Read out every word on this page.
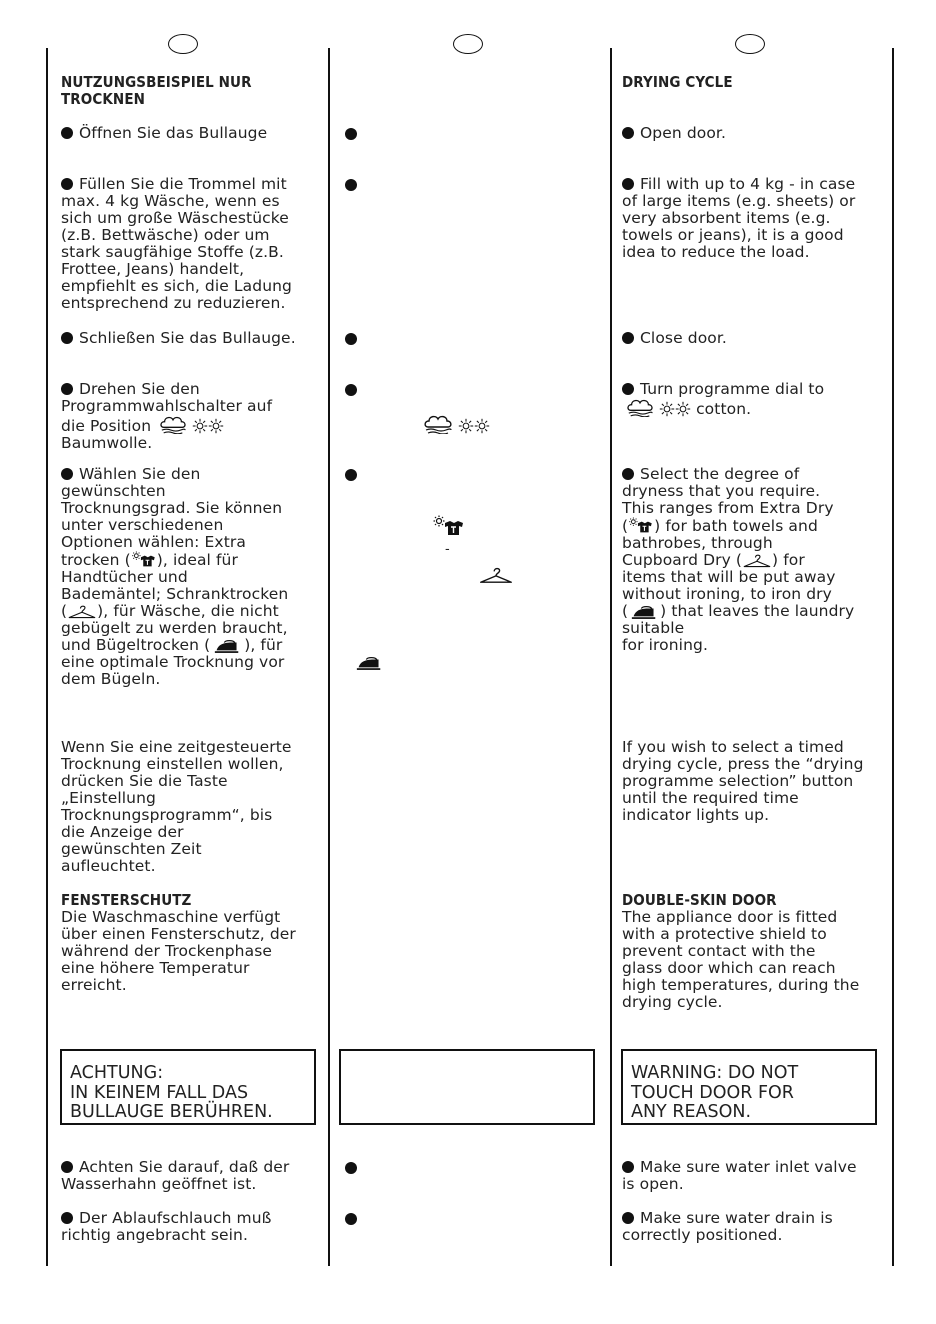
NUTZUNGSBEISPIEL NUR
TROCKNEN
Öffnen Sie das Bullauge
Füllen Sie die Trommel mit
max. 4 kg Wäsche, wenn es
sich um große Wäschestücke
(z.B. Bettwäsche) oder um
stark saugfähige Stoffe (z.B.
Frottee, Jeans) handelt,
empfiehlt es sich, die Ladung
entsprechend zu reduzieren.
Schließen Sie das Bullauge.
Drehen Sie den
Programmwahlschalter auf
die Position
Baumwolle.
Wählen Sie den
gewünschten
Trocknungsgrad. Sie können
unter verschiedenen
Optionen wählen: Extra
trocken ( ), ideal für
Handtücher und
Bademäntel; Schranktrocken
( ), für Wäsche, die nicht
gebügelt zu werden braucht,
und Bügeltrocken ( ), für
eine optimale Trocknung vor
dem Bügeln.
Wenn Sie eine zeitgesteuerte
Trocknung einstellen wollen,
drücken Sie die Taste
„Einstellung
Trocknungsprogramm“, bis
die Anzeige der
gewünschten Zeit
aufleuchtet.
FENSTERSCHUTZ
Die Waschmaschine verfügt
über einen Fensterschutz, der
während der Trockenphase
eine höhere Temperatur
erreicht.
ACHTUNG:
IN KEINEM FALL DAS
BULLAUGE BERÜHREN.
Achten Sie darauf, daß der
Wasserhahn geöffnet ist.
Der Ablaufschlauch muß
richtig angebracht sein.

-
DRYING CYCLE
Open door.
Fill with up to 4 kg - in case
of large items (e.g. sheets) or
very absorbent items (e.g.
towels or jeans), it is a good
idea to reduce the load.
Close door.
Turn programme dial to
cotton.
Select the degree of
dryness that you require.
This ranges from Extra Dry
( ) for bath towels and
bathrobes, through
Cupboard Dry ( ) for
items that will be put away
without ironing, to iron dry
( ) that leaves the laundry
suitable
for ironing.
If you wish to select a timed
drying cycle, press the “drying
programme selection” button
until the required time
indicator lights up.
DOUBLE-SKIN DOOR
The appliance door is fitted
with a protective shield to
prevent contact with the
glass door which can reach
high temperatures, during the
drying cycle.
WARNING: DO NOT
TOUCH DOOR FOR
ANY REASON.
Make sure water inlet valve
is open.
Make sure water drain is
correctly positioned.
